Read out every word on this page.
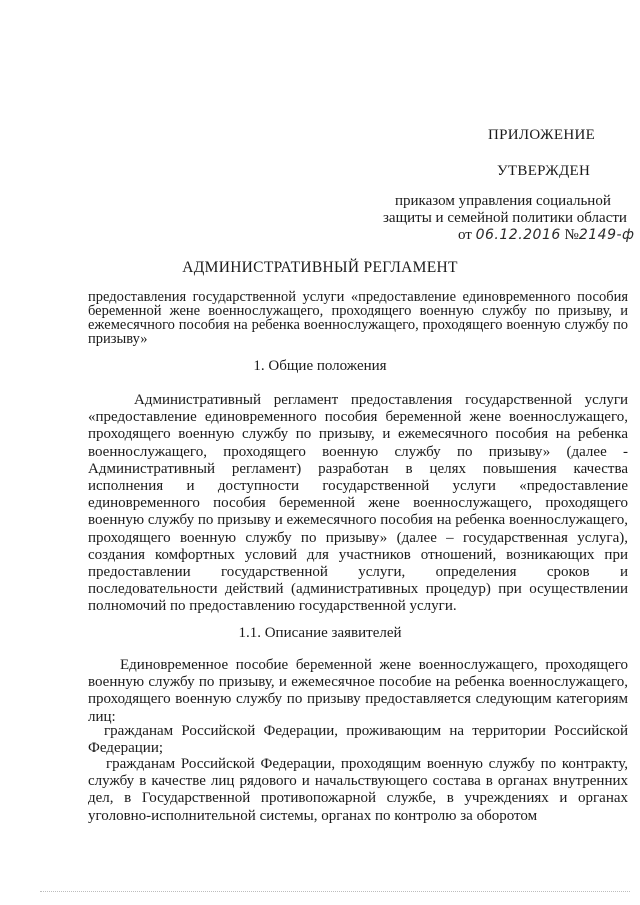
ПРИЛОЖЕНИЕ
УТВЕРЖДЕН
приказом управления социальной
защиты и семейной политики области
от 06.12.2016 №2149-ф
АДМИНИСТРАТИВНЫЙ РЕГЛАМЕНТ
предоставления государственной услуги «предоставление единовременного пособия беременной жене военнослужащего, проходящего военную службу по призыву, и ежемесячного пособия на ребенка военнослужащего, проходящего военную службу по призыву»
1. Общие положения
Административный регламент предоставления государственной услуги «предоставление единовременного пособия беременной жене военнослужащего, проходящего военную службу по призыву, и ежемесячного пособия на ребенка военнослужащего, проходящего военную службу по призыву» (далее - Административный регламент) разработан в целях повышения качества исполнения и доступности государственной услуги «предоставление единовременного пособия беременной жене военнослужащего, проходящего военную службу по призыву и ежемесячного пособия на ребенка военнослужащего, проходящего военную службу по призыву» (далее – государственная услуга), создания комфортных условий для участников отношений, возникающих при предоставлении государственной услуги, определения сроков и последовательности действий (административных процедур) при осуществлении полномочий по предоставлению государственной услуги.
1.1. Описание заявителей
Единовременное пособие беременной жене военнослужащего, проходящего военную службу по призыву, и ежемесячное пособие на ребенка военнослужащего, проходящего военную службу по призыву предоставляется следующим категориям лиц:
гражданам Российской Федерации, проживающим на территории Российской Федерации;
гражданам Российской Федерации, проходящим военную службу по контракту, службу в качестве лиц рядового и начальствующего состава в органах внутренних дел, в Государственной противопожарной службе, в учреждениях и органах уголовно-исполнительной системы, органах по контролю за оборотом
